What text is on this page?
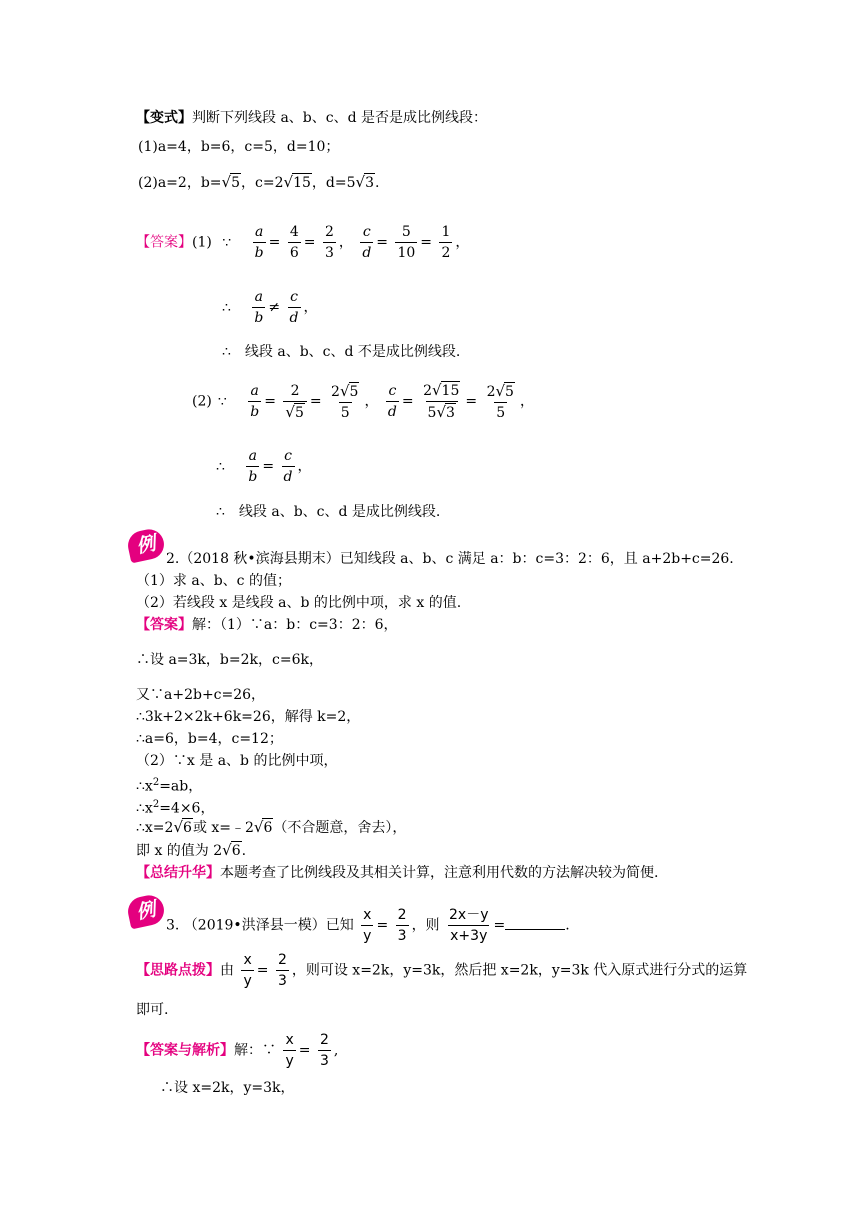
【变式】判断下列线段 a、b、c、d 是否是成比例线段：
(1)a=4，b=6，c=5，d=10；
(2)a=2，b=√5，c=2√15，d=5√3.
【答案】(1) ∵ $\frac{a}{b} = \frac{4}{6} = \frac{2}{3}$ ， $\frac{c}{d} = \frac{5}{10} = \frac{1}{2}$ ，
∴ $\frac{a}{b} \ne \frac{c}{d}$ ，
∴ 线段 a、b、c、d 不是成比例线段.
(2) ∵ $\frac{a}{b} = \frac{2}{√5} = \frac{2√5}{5}$ ， $\frac{c}{d} = \frac{2√15}{5√3} = \frac{2√5}{5}$ ，
∴ $\frac{a}{b} = \frac{c}{d}$ ，
∴ 线段 a、b、c、d 是成比例线段.
例
2.（2018 秋•滨海县期末）已知线段 a、b、c 满足 a：b：c=3：2：6，且 a+2b+c=26.
（1）求 a、b、c 的值；
（2）若线段 x 是线段 a、b 的比例中项，求 x 的值.
【答案】解：（1）∵a：b：c=3：2：6，
∴设 a=3k，b=2k，c=6k，
又∵a+2b+c=26，
∴3k+2×2k+6k=26，解得 k=2，
∴a=6，b=4，c=12；
（2）∵x 是 a、b 的比例中项，
$\therefore x^2=ab$，
$\therefore x^2=4\times 6$，
∴x=2√6或 x=﹣2√6（不合题意，舍去），
即 x 的值为 2√6.
【总结升华】本题考查了比例线段及其相关计算，注意利用代数的方法解决较为简便.
例
3. （2019•洪泽县一模）已知 $\frac{x}{y} = \frac{2}{3}$ ，则 $\frac{2x-y}{x+3y}$ =	.
【思路点拨】由 $\frac{x}{y} = \frac{2}{3}$ ，则可设 x=2k，y=3k，然后把 x=2k，y=3k 代入原式进行分式的运算
即可.
【答案与解析】解：∵ $\frac{x}{y} = \frac{2}{3}$ ,
∴设 x=2k，y=3k，
